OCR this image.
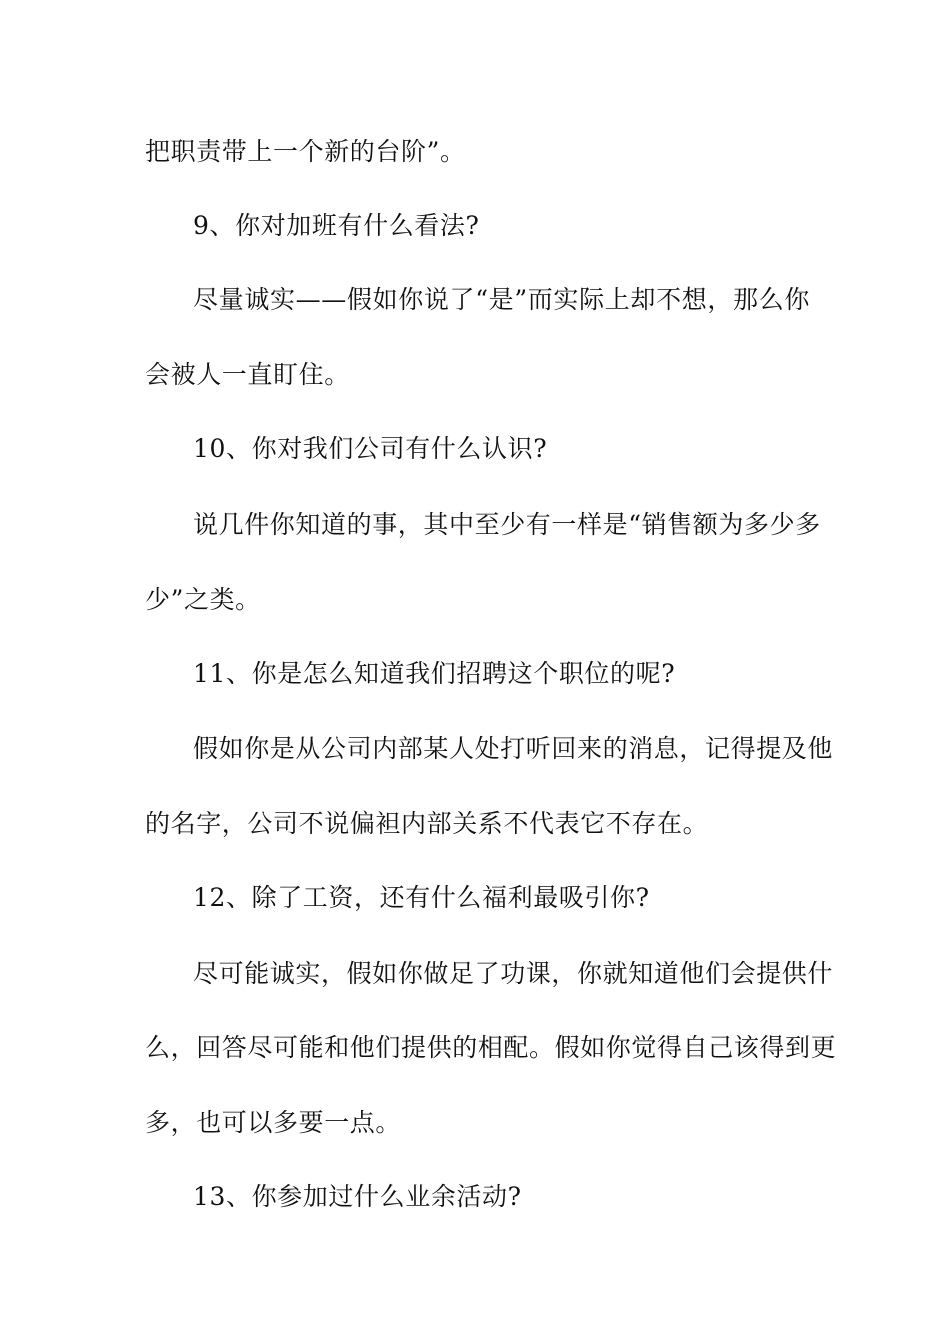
把职责带上一个新的台阶”。
9、你对加班有什么看法?
尽量诚实——假如你说了“是”而实际上却不想，那么你
会被人一直盯住。
10、你对我们公司有什么认识?
说几件你知道的事，其中至少有一样是“销售额为多少多
少”之类。
11、你是怎么知道我们招聘这个职位的呢?
假如你是从公司内部某人处打听回来的消息，记得提及他
的名字，公司不说偏袒内部关系不代表它不存在。
12、除了工资，还有什么福利最吸引你?
尽可能诚实，假如你做足了功课，你就知道他们会提供什
么，回答尽可能和他们提供的相配。假如你觉得自己该得到更
多，也可以多要一点。
13、你参加过什么业余活动?
